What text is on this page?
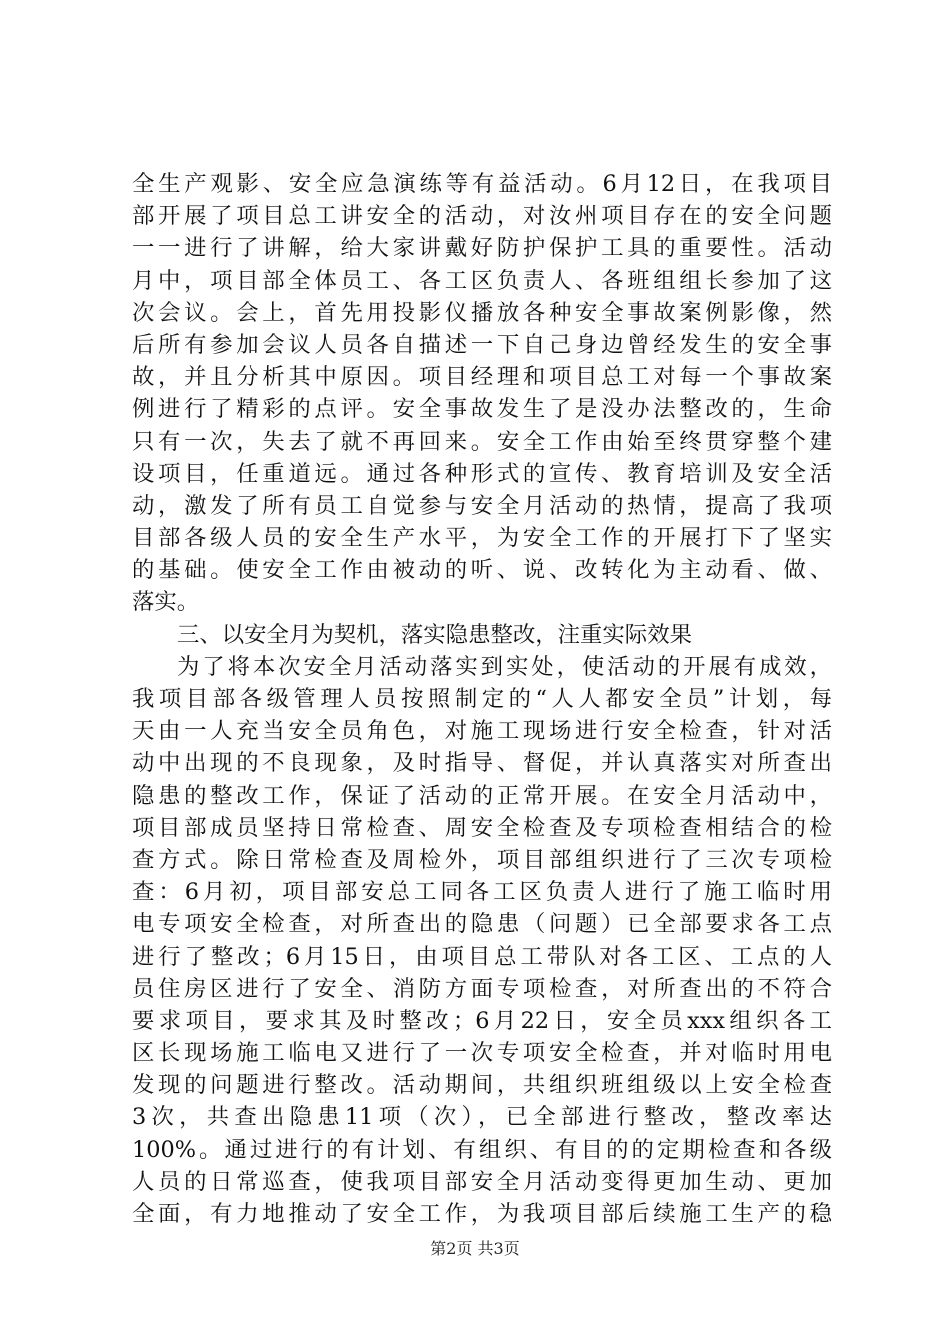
全生产观影、安全应急演练等有益活动。6月12日，在我项目
部开展了项目总工讲安全的活动，对汝州项目存在的安全问题
一一进行了讲解，给大家讲戴好防护保护工具的重要性。活动
月中，项目部全体员工、各工区负责人、各班组组长参加了这
次会议。会上，首先用投影仪播放各种安全事故案例影像，然
后所有参加会议人员各自描述一下自己身边曾经发生的安全事
故，并且分析其中原因。项目经理和项目总工对每一个事故案
例进行了精彩的点评。安全事故发生了是没办法整改的，生命
只有一次，失去了就不再回来。安全工作由始至终贯穿整个建
设项目，任重道远。通过各种形式的宣传、教育培训及安全活
动，激发了所有员工自觉参与安全月活动的热情，提高了我项
目部各级人员的安全生产水平，为安全工作的开展打下了坚实
的基础。使安全工作由被动的听、说、改转化为主动看、做、
落实。
三、以安全月为契机，落实隐患整改，注重实际效果
为了将本次安全月活动落实到实处，使活动的开展有成效，
我项目部各级管理人员按照制定的“人人都安全员”计划，每
天由一人充当安全员角色，对施工现场进行安全检查，针对活
动中出现的不良现象，及时指导、督促，并认真落实对所查出
隐患的整改工作，保证了活动的正常开展。在安全月活动中，
项目部成员坚持日常检查、周安全检查及专项检查相结合的检
查方式。除日常检查及周检外，项目部组织进行了三次专项检
查：6月初，项目部安总工同各工区负责人进行了施工临时用
电专项安全检查，对所查出的隐患（问题）已全部要求各工点
进行了整改；6月15日，由项目总工带队对各工区、工点的人
员住房区进行了安全、消防方面专项检查，对所查出的不符合
要求项目，要求其及时整改；6月22日，安全员xxx组织各工
区长现场施工临电又进行了一次专项安全检查，并对临时用电
发现的问题进行整改。活动期间，共组织班组级以上安全检查
3次，共查出隐患11项（次），已全部进行整改，整改率达
100%。通过进行的有计划、有组织、有目的的定期检查和各级
人员的日常巡查，使我项目部安全月活动变得更加生动、更加
全面，有力地推动了安全工作，为我项目部后续施工生产的稳
第2页 共3页
